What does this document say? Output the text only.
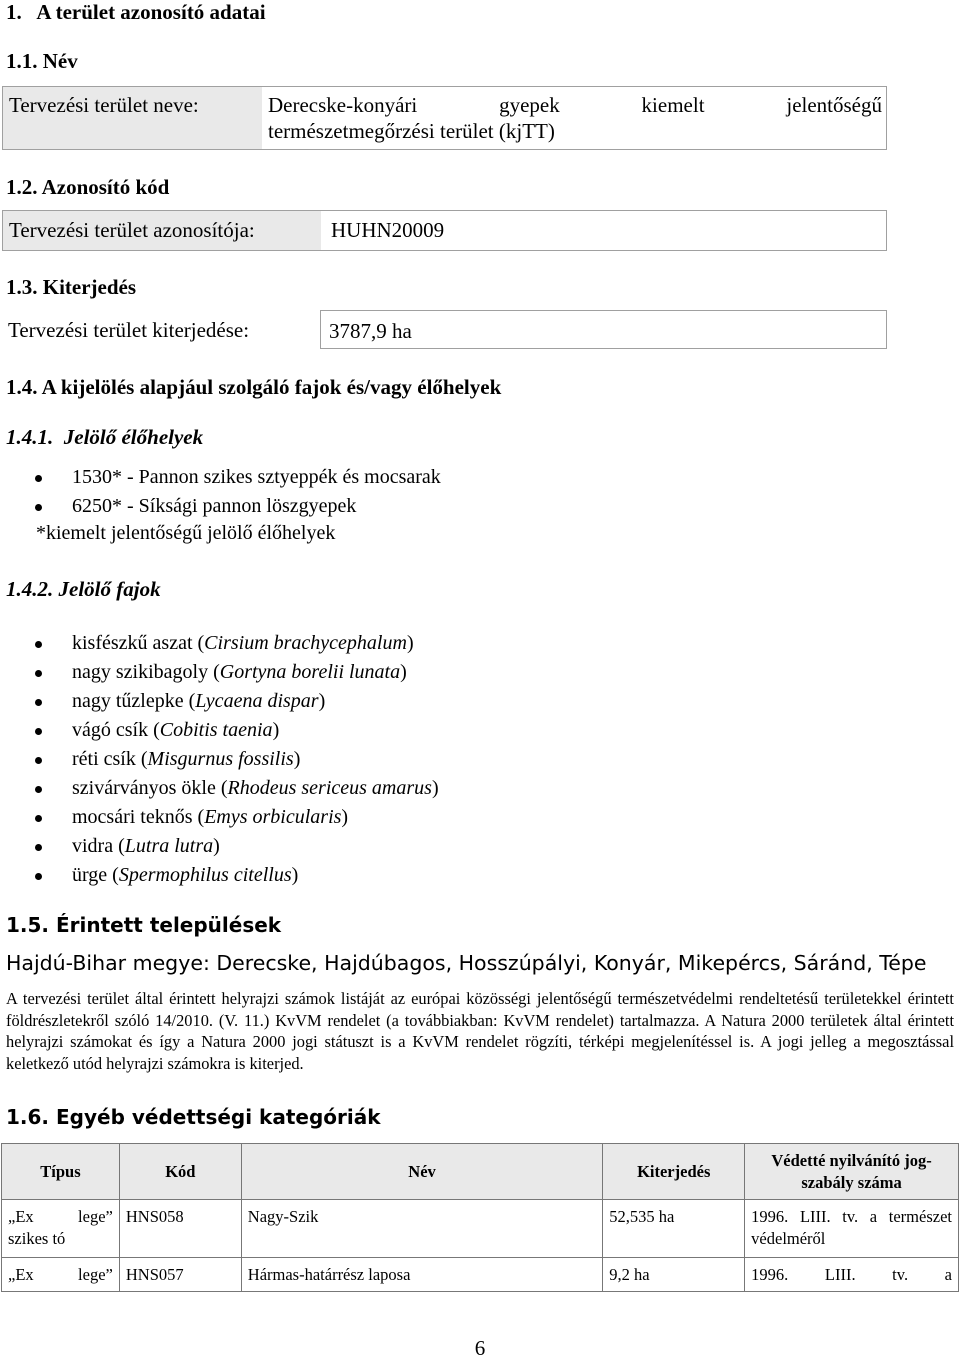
1.   A terület azonosító adatai
1.1. Név
Tervezési terület neve:	Derecske-konyári gyepek kiemelt jelentőségű
természetmegőrzési terület (kjTT)
1.2. Azonosító kód
Tervezési terület azonosítója:	HUHN20009
1.3. Kiterjedés
Tervezési terület kiterjedése:	3787,9 ha
1.4. A kijelölés alapjául szolgáló fajok és/vagy élőhelyek
1.4.1.  Jelölő élőhelyek
1530* - Pannon szikes sztyeppék és mocsarak
6250* - Síksági pannon löszgyepek
*kiemelt jelentőségű jelölő élőhelyek
1.4.2. Jelölő fajok
kisfészkű aszat (Cirsium brachycephalum)
nagy szikibagoly (Gortyna borelii lunata)
nagy tűzlepke (Lycaena dispar)
vágó csík (Cobitis taenia)
réti csík (Misgurnus fossilis)
szivárványos ökle (Rhodeus sericeus amarus)
mocsári teknős (Emys orbicularis)
vidra (Lutra lutra)
ürge (Spermophilus citellus)
1.5. Érintett települések
Hajdú-Bihar megye: Derecske, Hajdúbagos, Hosszúpályi, Konyár, Mikepércs, Sáránd, Tépe
A tervezési terület által érintett helyrajzi számok listáját az európai közösségi jelentőségű természetvédelmi rendeltetésű területekkel érintett földrészletekről szóló 14/2010. (V. 11.) KvVM rendelet (a továbbiakban: KvVM rendelet) tartalmazza. A Natura 2000 területek által érintett helyrajzi számokat és így a Natura 2000 jogi státuszt is a KvVM rendelet rögzíti, térképi megjelenítéssel is. A jogi jelleg a megosztással keletkező utód helyrajzi számokra is kiterjed.
1.6. Egyéb védettségi kategóriák
Típus	Kód	Név	Kiterjedés	Védetté nyilvánító jog-szabály száma
„Ex lege” szikes tó	HNS058	Nagy-Szik	52,535 ha	1996. LIII. tv. a természet védelméről
„Ex lege”	HNS057	Hármas-határrész laposa	9,2 ha	1996. LIII. tv. a
6
